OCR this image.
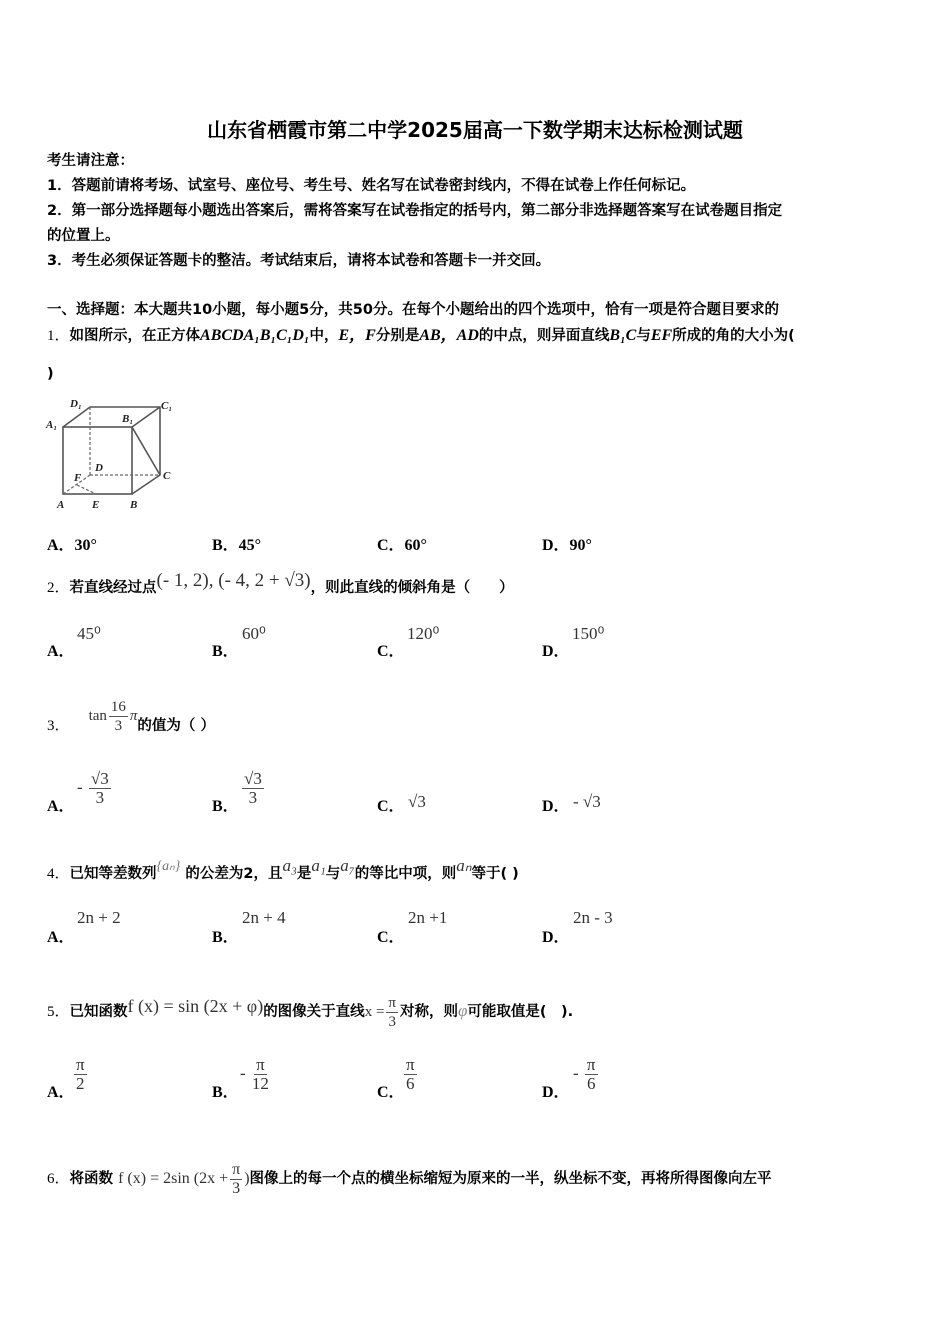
山东省栖霞市第二中学2025届高一下数学期末达标检测试题
考生请注意：
1．答题前请将考场、试室号、座位号、考生号、姓名写在试卷密封线内，不得在试卷上作任何标记。
2．第一部分选择题每小题选出答案后，需将答案写在试卷指定的括号内，第二部分非选择题答案写在试卷题目指定
的位置上。
3．考生必须保证答题卡的整洁。考试结束后，请将本试卷和答题卡一并交回。
一、选择题：本大题共10小题，每小题5分，共50分。在每个小题给出的四个选项中，恰有一项是符合题目要求的
1．如图所示，在正方体ABCDA₁B₁C₁D₁中，E，F分别是AB，AD的中点，则异面直线B₁C与EF所成的角的大小为(
)
D₁	C₁
A₁	B₁
D
C
F
A	E	B
A．30°	B．45°	C．60°	D．90°
2．若直线经过点(- 1, 2), (- 4, 2 + √3)，则此直线的倾斜角是（　　）
A．
45⁰
B．
60⁰
C．
120⁰
D．
150⁰
3． $\tan \frac{16}{3}$ π的值为（ ）
A．
- $\frac{√3}{3}$	B． $\frac{√3}{3}$	C． √3	D． - √3
4．已知等差数列{aₙ} 的公差为2，且a₃是a₁与a₇的等比中项，则aₙ等于( )
A．
2n + 2
B．
2n + 4
C．
2n +1
D．
2n - 3
5．已知函数f (x) = sin (2x + φ)的图像关于直线$x = \frac{\pi}{3}$ 对称，则φ可能取值是(　).
A． $\frac{\pi}{2}$	B．
- $\frac{\pi}{12}$	C． $\frac{\pi}{6}$	D．
- $\frac{\pi}{6}$
6．将函数 f (x) = 2sin ($2x + \frac{\pi}{3}$ )图像上的每一个点的横坐标缩短为原来的一半，纵坐标不变，再将所得图像向左平
